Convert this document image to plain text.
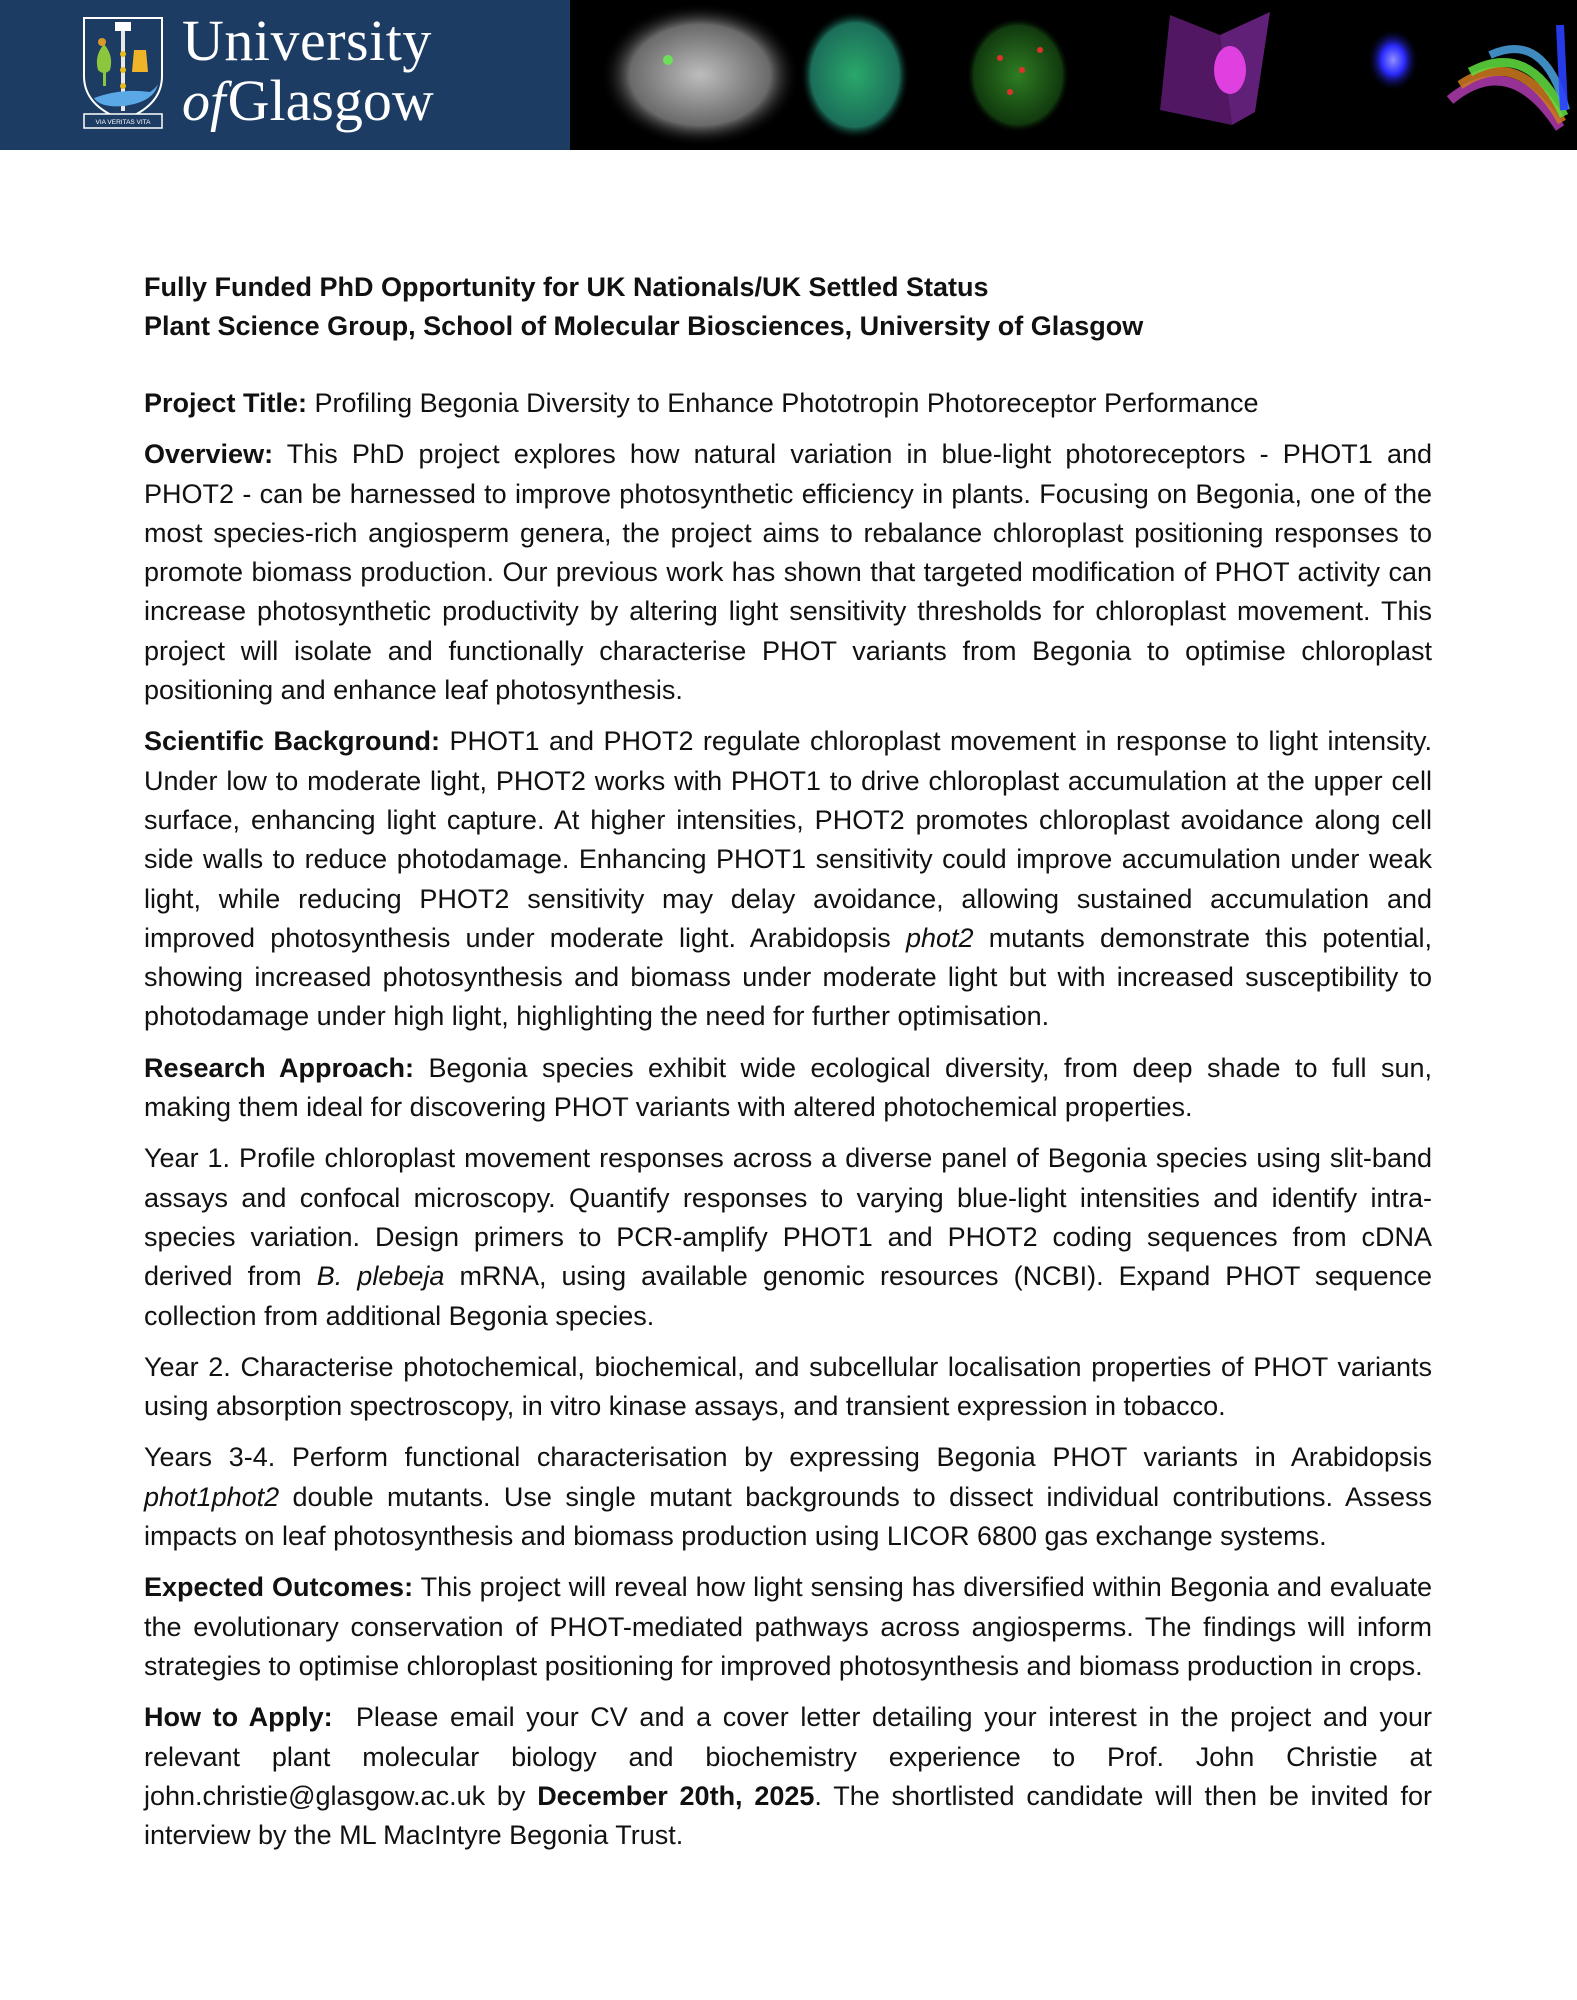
VIA VERITAS VITA
University
ofGlasgow
Fully Funded PhD Opportunity for UK Nationals/UK Settled Status
Plant Science Group, School of Molecular Biosciences, University of Glasgow

Project Title: Profiling Begonia Diversity to Enhance Phototropin Photoreceptor Performance

Overview: This PhD project explores how natural variation in blue-light photoreceptors - PHOT1 and PHOT2 - can be harnessed to improve photosynthetic efficiency in plants. Focusing on Begonia, one of the most species-rich angiosperm genera, the project aims to rebalance chloroplast positioning responses to promote biomass production. Our previous work has shown that targeted modification of PHOT activity can increase photosynthetic productivity by altering light sensitivity thresholds for chloroplast movement. This project will isolate and functionally characterise PHOT variants from Begonia to optimise chloroplast positioning and enhance leaf photosynthesis.

Scientific Background: PHOT1 and PHOT2 regulate chloroplast movement in response to light intensity. Under low to moderate light, PHOT2 works with PHOT1 to drive chloroplast accumulation at the upper cell surface, enhancing light capture. At higher intensities, PHOT2 promotes chloroplast avoidance along cell side walls to reduce photodamage. Enhancing PHOT1 sensitivity could improve accumulation under weak light, while reducing PHOT2 sensitivity may delay avoidance, allowing sustained accumulation and improved photosynthesis under moderate light. Arabidopsis phot2 mutants demonstrate this potential, showing increased photosynthesis and biomass under moderate light but with increased susceptibility to photodamage under high light, highlighting the need for further optimisation.

Research Approach: Begonia species exhibit wide ecological diversity, from deep shade to full sun, making them ideal for discovering PHOT variants with altered photochemical properties.

Year 1. Profile chloroplast movement responses across a diverse panel of Begonia species using slit-band assays and confocal microscopy. Quantify responses to varying blue-light intensities and identify intra-species variation. Design primers to PCR-amplify PHOT1 and PHOT2 coding sequences from cDNA derived from B. plebeja mRNA, using available genomic resources (NCBI). Expand PHOT sequence collection from additional Begonia species.

Year 2. Characterise photochemical, biochemical, and subcellular localisation properties of PHOT variants using absorption spectroscopy, in vitro kinase assays, and transient expression in tobacco.

Years 3-4. Perform functional characterisation by expressing Begonia PHOT variants in Arabidopsis phot1phot2 double mutants. Use single mutant backgrounds to dissect individual contributions. Assess impacts on leaf photosynthesis and biomass production using LICOR 6800 gas exchange systems.

Expected Outcomes: This project will reveal how light sensing has diversified within Begonia and evaluate the evolutionary conservation of PHOT-mediated pathways across angiosperms. The findings will inform strategies to optimise chloroplast positioning for improved photosynthesis and biomass production in crops.

How to Apply:  Please email your CV and a cover letter detailing your interest in the project and your relevant plant molecular biology and biochemistry experience to Prof. John Christie at john.christie@glasgow.ac.uk by December 20th, 2025. The shortlisted candidate will then be invited for interview by the ML MacIntyre Begonia Trust.
